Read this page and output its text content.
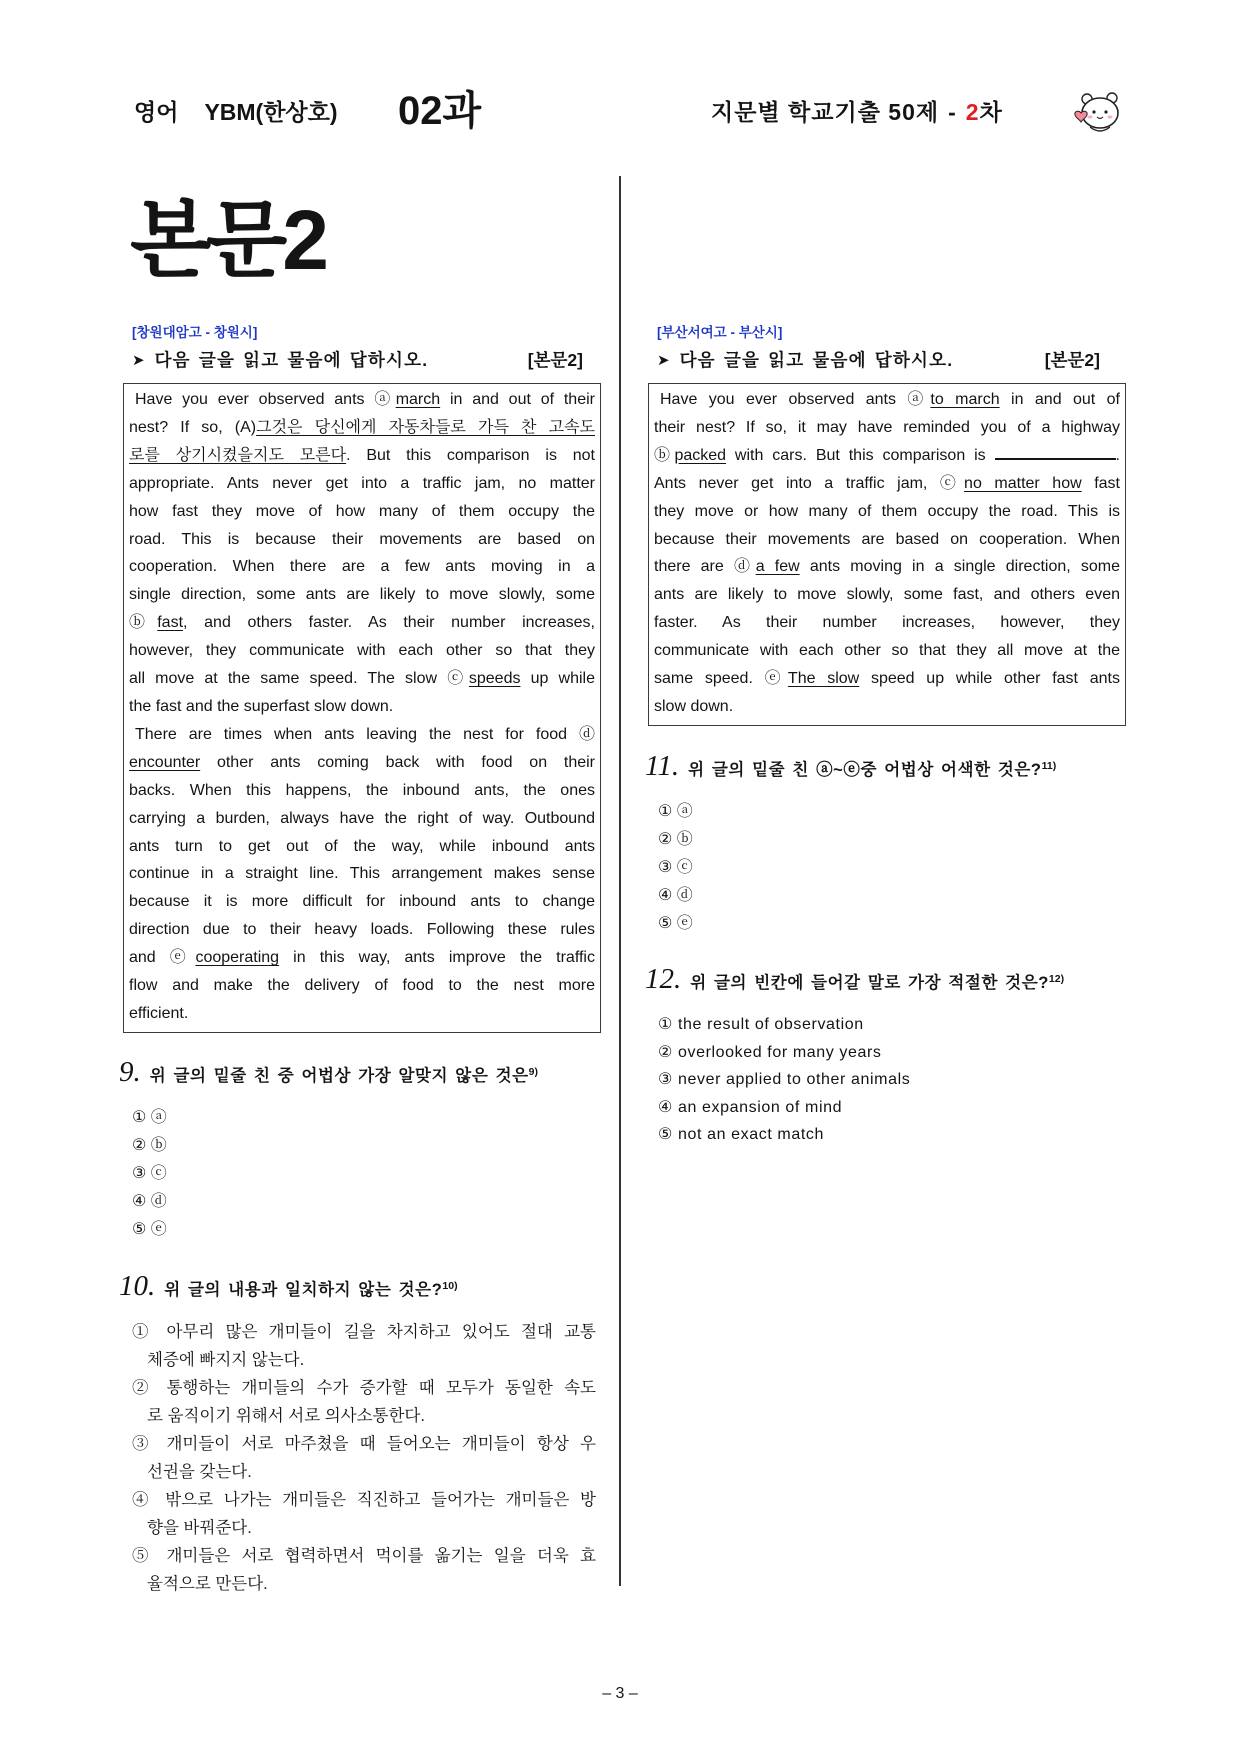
영어 YBM(한상호) 02과	지문별 학교기출 50제 - 2차
본문2
[창원대암고 - 창원시]
➤
다음 글을 읽고 물음에 답하시오.	[본문2]
Have you ever observed ants ⓐmarch in and out of their
nest? If so, (A)그것은 당신에게 자동차들로 가득 찬 고속도
로를 상기시켰을지도 모른다. But this comparison is not
appropriate. Ants never get into a traffic jam, no matter
how fast they move of how many of them occupy the
road. This is because their movements are based on
cooperation. When there are a few ants moving in a
single direction, some ants are likely to move slowly, some
ⓑfast, and others faster. As their number increases,
however, they communicate with each other so that they
all move at the same speed. The slow ⓒspeeds up while
the fast and the superfast slow down.
There are times when ants leaving the nest for food ⓓ
encounter other ants coming back with food on their
backs. When this happens, the inbound ants, the ones
carrying a burden, always have the right of way. Outbound
ants turn to get out of the way, while inbound ants
continue in a straight line. This arrangement makes sense
because it is more difficult for inbound ants to change
direction due to their heavy loads. Following these rules
and ⓔcooperating in this way, ants improve the traffic
flow and make the delivery of food to the nest more
efficient.
9. 위 글의 밑줄 친 중 어법상 가장 알맞지 않은 것은$^{9)}$
① ⓐ
② ⓑ
③ ⓒ
④ ⓓ
⑤ ⓔ
10. 위 글의 내용과 일치하지 않는 것은?$^{10)}$
① 아무리 많은 개미들이 길을 차지하고 있어도 절대 교통
체증에 빠지지 않는다.
② 통행하는 개미들의 수가 증가할 때 모두가 동일한 속도
로 움직이기 위해서 서로 의사소통한다.
③ 개미들이 서로 마주쳤을 때 들어오는 개미들이 항상 우
선권을 갖는다.
④ 밖으로 나가는 개미들은 직진하고 들어가는 개미들은 방
향을 바꿔준다.
⑤ 개미들은 서로 협력하면서 먹이를 옮기는 일을 더욱 효
율적으로 만든다.
[부산서여고 - 부산시]
➤
다음 글을 읽고 물음에 답하시오.	[본문2]
Have you ever observed ants ⓐto march in and out of
their nest? If so, it may have reminded you of a highway
ⓑpacked with cars. But this comparison is	.
Ants never get into a traffic jam, ⓒno matter how fast
they move or how many of them occupy the road. This is
because their movements are based on cooperation. When
there are ⓓa few ants moving in a single direction, some
ants are likely to move slowly, some fast, and others even
faster. As their number increases, however, they
communicate with each other so that they all move at the
same speed. ⓔThe slow speed up while other fast ants
slow down.
11. 위 글의 밑줄 친 ⓐ~ⓔ중 어법상 어색한 것은?$^{11)}$
① ⓐ
② ⓑ
③ ⓒ
④ ⓓ
⑤ ⓔ
12. 위 글의 빈칸에 들어갈 말로 가장 적절한 것은?$^{12)}$
① the result of observation
② overlooked for many years
③ never applied to other animals
④ an expansion of mind
⑤ not an exact match
– 3 –
